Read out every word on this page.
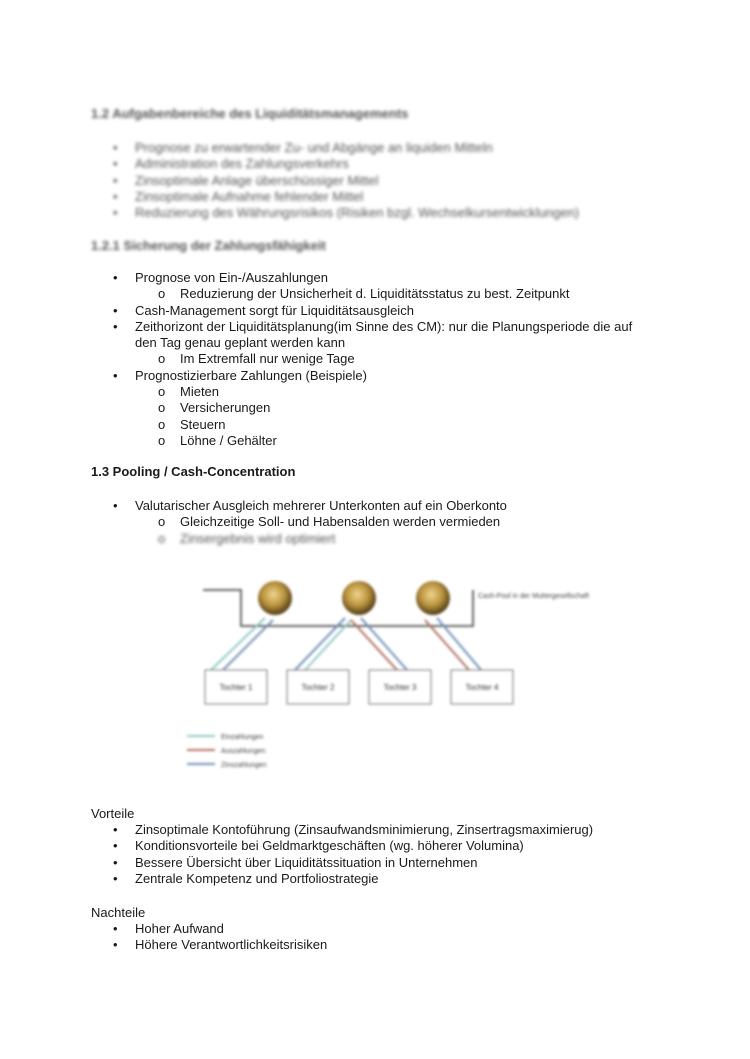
1.2 Aufgabenbereiche des Liquiditätsmanagements
• Prognose zu erwartender Zu- und Abgänge an liquiden Mitteln
• Administration des Zahlungsverkehrs
• Zinsoptimale Anlage überschüssiger Mittel
• Zinsoptimale Aufnahme fehlender Mittel
• Reduzierung des Währungsrisikos (Risiken bzgl. Wechselkursentwicklungen)
1.2.1 Sicherung der Zahlungsfähigkeit
• Prognose von Ein-/Auszahlungen
o Reduzierung der Unsicherheit d. Liquiditätsstatus zu best. Zeitpunkt
• Cash-Management sorgt für Liquiditätsausgleich
• Zeithorizont der Liquiditätsplanung(im Sinne des CM): nur die Planungsperiode die auf den Tag genau geplant werden kann
o Im Extremfall nur wenige Tage
• Prognostizierbare Zahlungen (Beispiele)
o Mieten
o Versicherungen
o Steuern
o Löhne / Gehälter
1.3 Pooling / Cash-Concentration
• Valutarischer Ausgleich mehrerer Unterkonten auf ein Oberkonto
o Gleichzeitige Soll- und Habensalden werden vermieden
o Zinsergebnis wird optimiert
Cash-Pool in der Muttergesellschaft
Tochter 1	Tochter 2	Tochter 3	Tochter 4
Einzahlungen
Auszahlungen
Zinszahlungen
Vorteile
• Zinsoptimale Kontoführung (Zinsaufwandsminimierung, Zinsertragsmaximierug)
• Konditionsvorteile bei Geldmarktgeschäften (wg. höherer Volumina)
• Bessere Übersicht über Liquiditätssituation in Unternehmen
• Zentrale Kompetenz und Portfoliostrategie
Nachteile
• Hoher Aufwand
• Höhere Verantwortlichkeitsrisiken
